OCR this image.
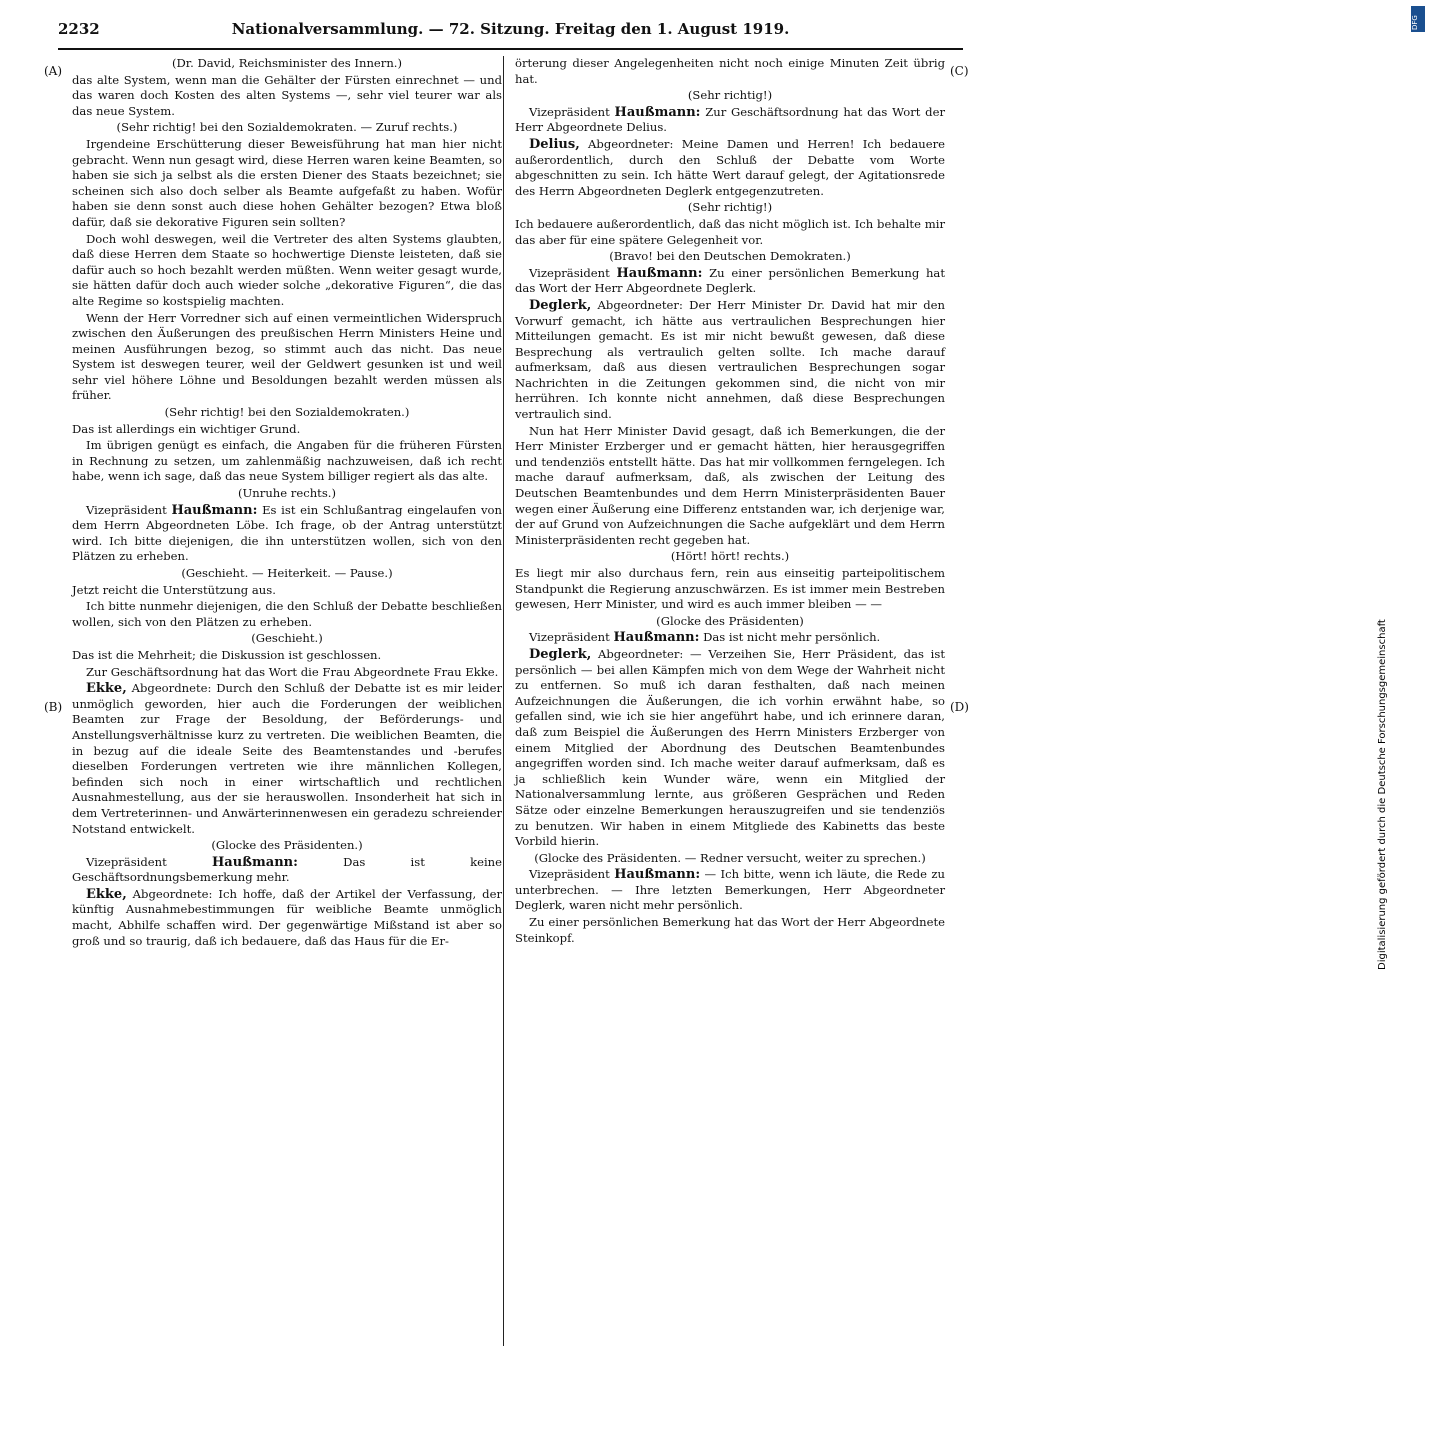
2232	Nationalversammlung. — 72. Sitzung. Freitag den 1. August 1919.
(A)
(B)
(C)
(D)

(Dr. David, Reichsminister des Innern.)

das alte System, wenn man die Gehälter der Fürsten einrechnet — und das waren doch Kosten des alten Systems —, sehr viel teurer war als das neue System.

(Sehr richtig! bei den Sozialdemokraten. — Zuruf rechts.)

Irgendeine Erschütterung dieser Beweisführung hat man hier nicht gebracht. Wenn nun gesagt wird, diese Herren waren keine Beamten, so haben sie sich ja selbst als die ersten Diener des Staats bezeichnet; sie scheinen sich also doch selber als Beamte aufgefaßt zu haben. Wofür haben sie denn sonst auch diese hohen Gehälter bezogen? Etwa bloß dafür, daß sie dekorative Figuren sein sollten?

Doch wohl deswegen, weil die Vertreter des alten Systems glaubten, daß diese Herren dem Staate so hochwertige Dienste leisteten, daß sie dafür auch so hoch bezahlt werden müßten. Wenn weiter gesagt wurde, sie hätten dafür doch auch wieder solche „dekorative Figuren“, die das alte Regime so kostspielig machten.

Wenn der Herr Vorredner sich auf einen vermeintlichen Widerspruch zwischen den Äußerungen des preußischen Herrn Ministers Heine und meinen Ausführungen bezog, so stimmt auch das nicht. Das neue System ist deswegen teurer, weil der Geldwert gesunken ist und weil sehr viel höhere Löhne und Besoldungen bezahlt werden müssen als früher.

(Sehr richtig! bei den Sozialdemokraten.)

Das ist allerdings ein wichtiger Grund.

Im übrigen genügt es einfach, die Angaben für die früheren Fürsten in Rechnung zu setzen, um zahlenmäßig nachzuweisen, daß ich recht habe, wenn ich sage, daß das neue System billiger regiert als das alte.

(Unruhe rechts.)

Vizepräsident Haußmann: Es ist ein Schlußantrag eingelaufen von dem Herrn Abgeordneten Löbe. Ich frage, ob der Antrag unterstützt wird. Ich bitte diejenigen, die ihn unterstützen wollen, sich von den Plätzen zu erheben.

(Geschieht. — Heiterkeit. — Pause.)

Jetzt reicht die Unterstützung aus.

Ich bitte nunmehr diejenigen, die den Schluß der Debatte beschließen wollen, sich von den Plätzen zu erheben.

(Geschieht.)

Das ist die Mehrheit; die Diskussion ist geschlossen.

Zur Geschäftsordnung hat das Wort die Frau Abgeordnete Frau Ekke.

Ekke, Abgeordnete: Durch den Schluß der Debatte ist es mir leider unmöglich geworden, hier auch die Forderungen der weiblichen Beamten zur Frage der Besoldung, der Beförderungs- und Anstellungsverhältnisse kurz zu vertreten. Die weiblichen Beamten, die in bezug auf die ideale Seite des Beamtenstandes und -berufes dieselben Forderungen vertreten wie ihre männlichen Kollegen, befinden sich noch in einer wirtschaftlich und rechtlichen Ausnahmestellung, aus der sie herauswollen. Insonderheit hat sich in dem Vertreterinnen- und Anwärterinnenwesen ein geradezu schreiender Notstand entwickelt.

(Glocke des Präsidenten.)

Vizepräsident Haußmann: Das ist keine Geschäftsordnungsbemerkung mehr.

Ekke, Abgeordnete: Ich hoffe, daß der Artikel der Verfassung, der künftig Ausnahmebestimmungen für weibliche Beamte unmöglich macht, Abhilfe schaffen wird. Der gegenwärtige Mißstand ist aber so groß und so traurig, daß ich bedauere, daß das Haus für die Er-

örterung dieser Angelegenheiten nicht noch einige Minuten Zeit übrig hat.

(Sehr richtig!)

Vizepräsident Haußmann: Zur Geschäftsordnung hat das Wort der Herr Abgeordnete Delius.

Delius, Abgeordneter: Meine Damen und Herren! Ich bedauere außerordentlich, durch den Schluß der Debatte vom Worte abgeschnitten zu sein. Ich hätte Wert darauf gelegt, der Agitationsrede des Herrn Abgeordneten Deglerk entgegenzutreten.

(Sehr richtig!)

Ich bedauere außerordentlich, daß das nicht möglich ist. Ich behalte mir das aber für eine spätere Gelegenheit vor.

(Bravo! bei den Deutschen Demokraten.)

Vizepräsident Haußmann: Zu einer persönlichen Bemerkung hat das Wort der Herr Abgeordnete Deglerk.

Deglerk, Abgeordneter: Der Herr Minister Dr. David hat mir den Vorwurf gemacht, ich hätte aus vertraulichen Besprechungen hier Mitteilungen gemacht. Es ist mir nicht bewußt gewesen, daß diese Besprechung als vertraulich gelten sollte. Ich mache darauf aufmerksam, daß aus diesen vertraulichen Besprechungen sogar Nachrichten in die Zeitungen gekommen sind, die nicht von mir herrühren. Ich konnte nicht annehmen, daß diese Besprechungen vertraulich sind.

Nun hat Herr Minister David gesagt, daß ich Bemerkungen, die der Herr Minister Erzberger und er gemacht hätten, hier herausgegriffen und tendenziös entstellt hätte. Das hat mir vollkommen ferngelegen. Ich mache darauf aufmerksam, daß, als zwischen der Leitung des Deutschen Beamtenbundes und dem Herrn Ministerpräsidenten Bauer wegen einer Äußerung eine Differenz entstanden war, ich derjenige war, der auf Grund von Aufzeichnungen die Sache aufgeklärt und dem Herrn Ministerpräsidenten recht gegeben hat.

(Hört! hört! rechts.)

Es liegt mir also durchaus fern, rein aus einseitig parteipolitischem Standpunkt die Regierung anzuschwärzen. Es ist immer mein Bestreben gewesen, Herr Minister, und wird es auch immer bleiben — —

(Glocke des Präsidenten)

Vizepräsident Haußmann: Das ist nicht mehr persönlich.

Deglerk, Abgeordneter: — Verzeihen Sie, Herr Präsident, das ist persönlich — bei allen Kämpfen mich von dem Wege der Wahrheit nicht zu entfernen. So muß ich daran festhalten, daß nach meinen Aufzeichnungen die Äußerungen, die ich vorhin erwähnt habe, so gefallen sind, wie ich sie hier angeführt habe, und ich erinnere daran, daß zum Beispiel die Äußerungen des Herrn Ministers Erzberger von einem Mitglied der Abordnung des Deutschen Beamtenbundes angegriffen worden sind. Ich mache weiter darauf aufmerksam, daß es ja schließlich kein Wunder wäre, wenn ein Mitglied der Nationalversammlung lernte, aus größeren Gesprächen und Reden Sätze oder einzelne Bemerkungen herauszugreifen und sie tendenziös zu benutzen. Wir haben in einem Mitgliede des Kabinetts das beste Vorbild hierin.

(Glocke des Präsidenten. — Redner versucht, weiter zu sprechen.)

Vizepräsident Haußmann: — Ich bitte, wenn ich läute, die Rede zu unterbrechen. — Ihre letzten Bemerkungen, Herr Abgeordneter Deglerk, waren nicht mehr persönlich.

Zu einer persönlichen Bemerkung hat das Wort der Herr Abgeordnete Steinkopf.	Digitalisierung gefördert durch die Deutsche Forschungsgemeinschaft
DFG
